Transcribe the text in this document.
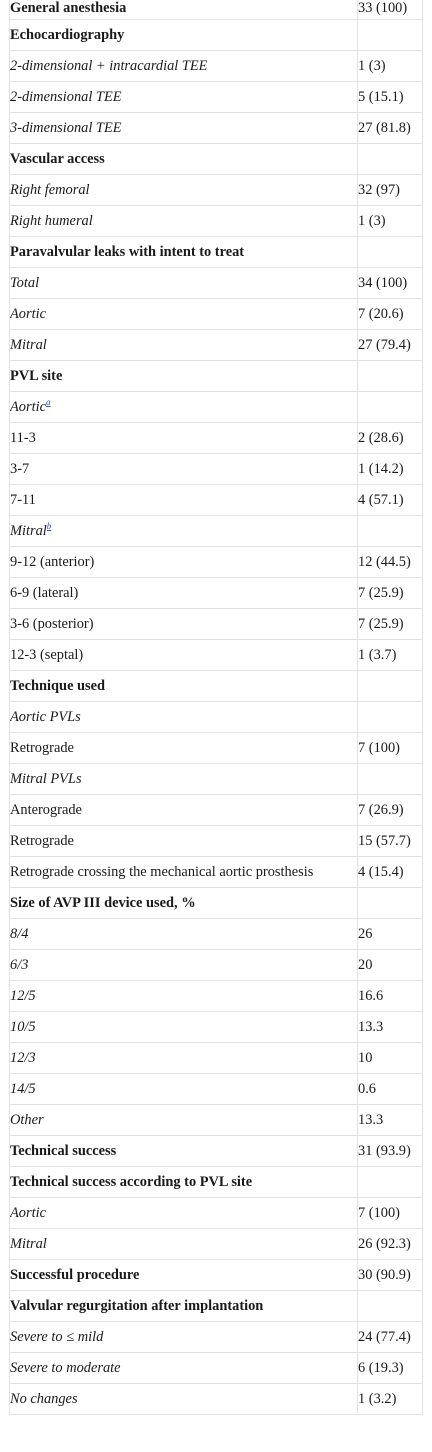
General anesthesia	33 (100)
Echocardiography	
2-dimensional + intracardial TEE	1 (3)
2-dimensional TEE	5 (15.1)
3-dimensional TEE	27 (81.8)
Vascular access	
Right femoral	32 (97)
Right humeral	1 (3)
Paravalvular leaks with intent to treat	
Total	34 (100)
Aortic	7 (20.6)
Mitral	27 (79.4)
PVL site	
Aortic$^a$	
11-3	2 (28.6)
3-7	1 (14.2)
7-11	4 (57.1)
Mitral$^b$	
9-12 (anterior)	12 (44.5)
6-9 (lateral)	7 (25.9)
3-6 (posterior)	7 (25.9)
12-3 (septal)	1 (3.7)
Technique used	
Aortic PVLs	
Retrograde	7 (100)
Mitral PVLs	
Anterograde	7 (26.9)
Retrograde	15 (57.7)
Retrograde crossing the mechanical aortic prosthesis	4 (15.4)
Size of AVP III device used, %	
8/4	26
6/3	20
12/5	16.6
10/5	13.3
12/3	10
14/5	0.6
Other	13.3
Technical success	31 (93.9)
Technical success according to PVL site	
Aortic	7 (100)
Mitral	26 (92.3)
Successful procedure	30 (90.9)
Valvular regurgitation after implantation	
Severe to ≤ mild	24 (77.4)
Severe to moderate	6 (19.3)
No changes	1 (3.2)
